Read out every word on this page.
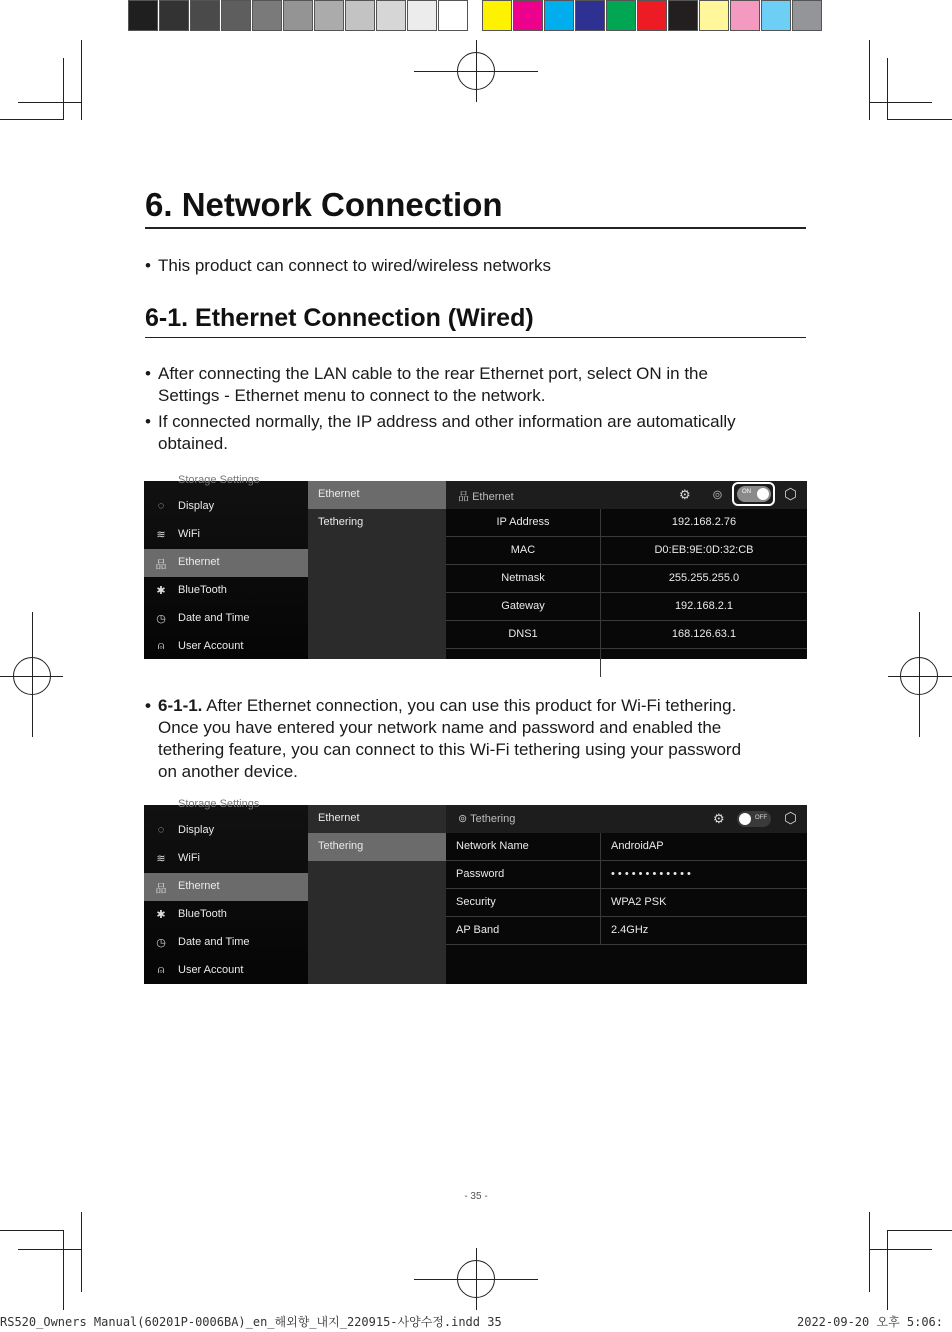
6. Network Connection
• This product can connect to wired/wireless networks
6-1. Ethernet Connection (Wired)
• After connecting the LAN cable to the rear Ethernet port, select ON in the
Settings - Ethernet menu to connect to the network.
• If connected normally, the IP address and other information are automatically
obtained.
Storage Settings
◌	Display
≋ WiFi
品 Ethernet
✱ BlueTooth
◷ Date and Time
⍝	User Account
Ethernet
Tethering
品 Ethernet	⚙ ⊚	ON ⬡
IP Address	192.168.2.76
MAC	D0:EB:9E:0D:32:CB
Netmask	255.255.255.0
Gateway	192.168.2.1
DNS1	168.126.63.1
• 6-1-1. After Ethernet connection, you can use this product for Wi-Fi tethering.
Once you have entered your network name and password and enabled the
tethering feature, you can connect to this Wi-Fi tethering using your password
on another device.
Storage Settings
◌	Display
≋ WiFi
品 Ethernet
✱ BlueTooth
◷ Date and Time
⍝	User Account
Ethernet
Tethering
⊚ Tethering	⚙	OFF ⬡
Network Name	AndroidAP
Password	• • • • • • • • • • • •
Security	WPA2 PSK
AP Band	2.4GHz
- 35 -
RS520_Owners Manual(60201P-0006BA)_en_해외향_내지_220915-사양수정.indd 35	2022-09-20 오후 5:06:
